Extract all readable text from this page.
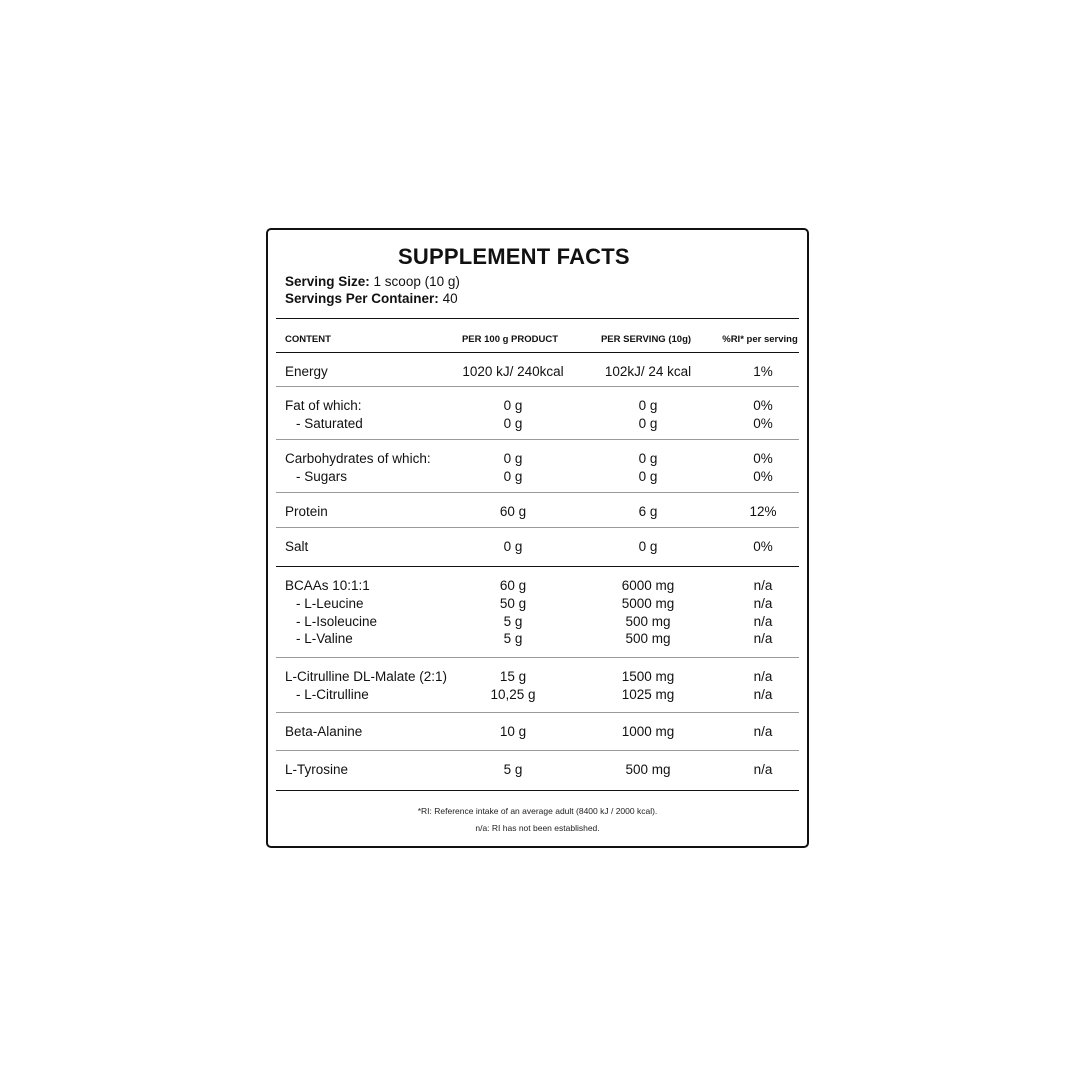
SUPPLEMENT FACTS
Serving Size: 1 scoop (10 g)
Servings Per Container: 40
CONTENT	PER 100 g PRODUCT	PER SERVING (10g)	%RI* per serving
Energy	1020 kJ/ 240kcal	102kJ/ 24 kcal	1%
Fat of which:	0 g	0 g	0%
- Saturated	0 g	0 g	0%
Carbohydrates of which:	0 g	0 g	0%
- Sugars	0 g	0 g	0%
Protein	60 g	6 g	12%
Salt	0 g	0 g	0%
BCAAs 10:1:1	60 g	6000 mg	n/a
- L-Leucine	50 g	5000 mg	n/a
- L-Isoleucine	5 g	500 mg	n/a
- L-Valine	5 g	500 mg	n/a
L-Citrulline DL-Malate (2:1)	15 g	1500 mg	n/a
- L-Citrulline	10,25 g	1025 mg	n/a
Beta-Alanine	10 g	1000 mg	n/a
L-Tyrosine	5 g	500 mg	n/a
*RI: Reference intake of an average adult (8400 kJ / 2000 kcal).
n/a: RI has not been established.
